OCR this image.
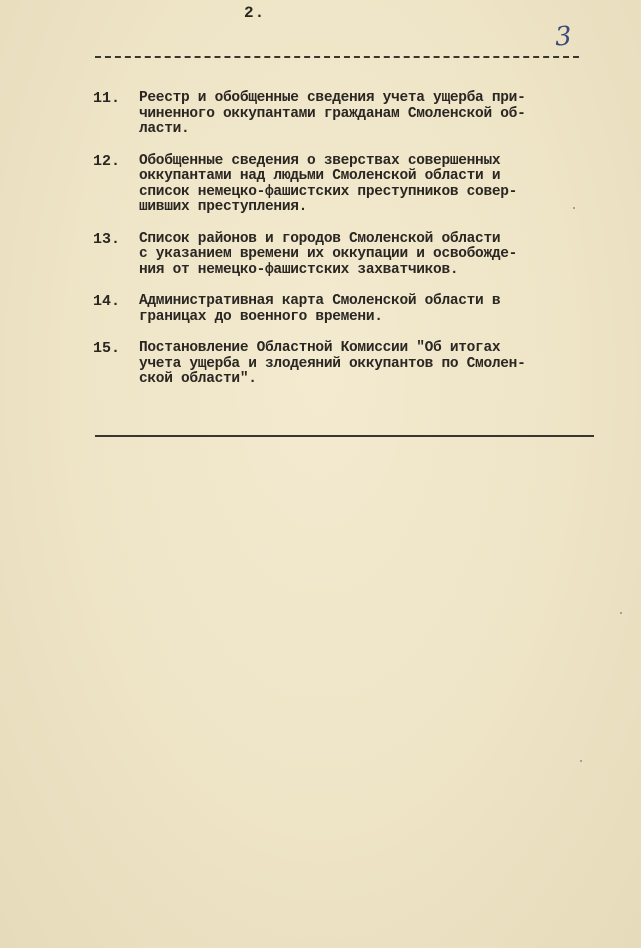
2.
3
11.	Реестр и обобщенные сведения учета ущерба при-
чиненного оккупантами гражданам Смоленской об-
ласти.
12.	Обобщенные сведения о зверствах совершенных
оккупантами над людьми Смоленской области и
список немецко-фашистских преступников совер-
шивших преступления.
13.	Список районов и городов Смоленской области
с указанием времени их оккупации и освобожде-
ния от немецко-фашистских захватчиков.
14.	Административная карта Смоленской области в
границах до военного времени.
15.	Постановление Областной Комиссии "Об итогах
учета ущерба и злодеяний оккупантов по Смолен-
ской области".
